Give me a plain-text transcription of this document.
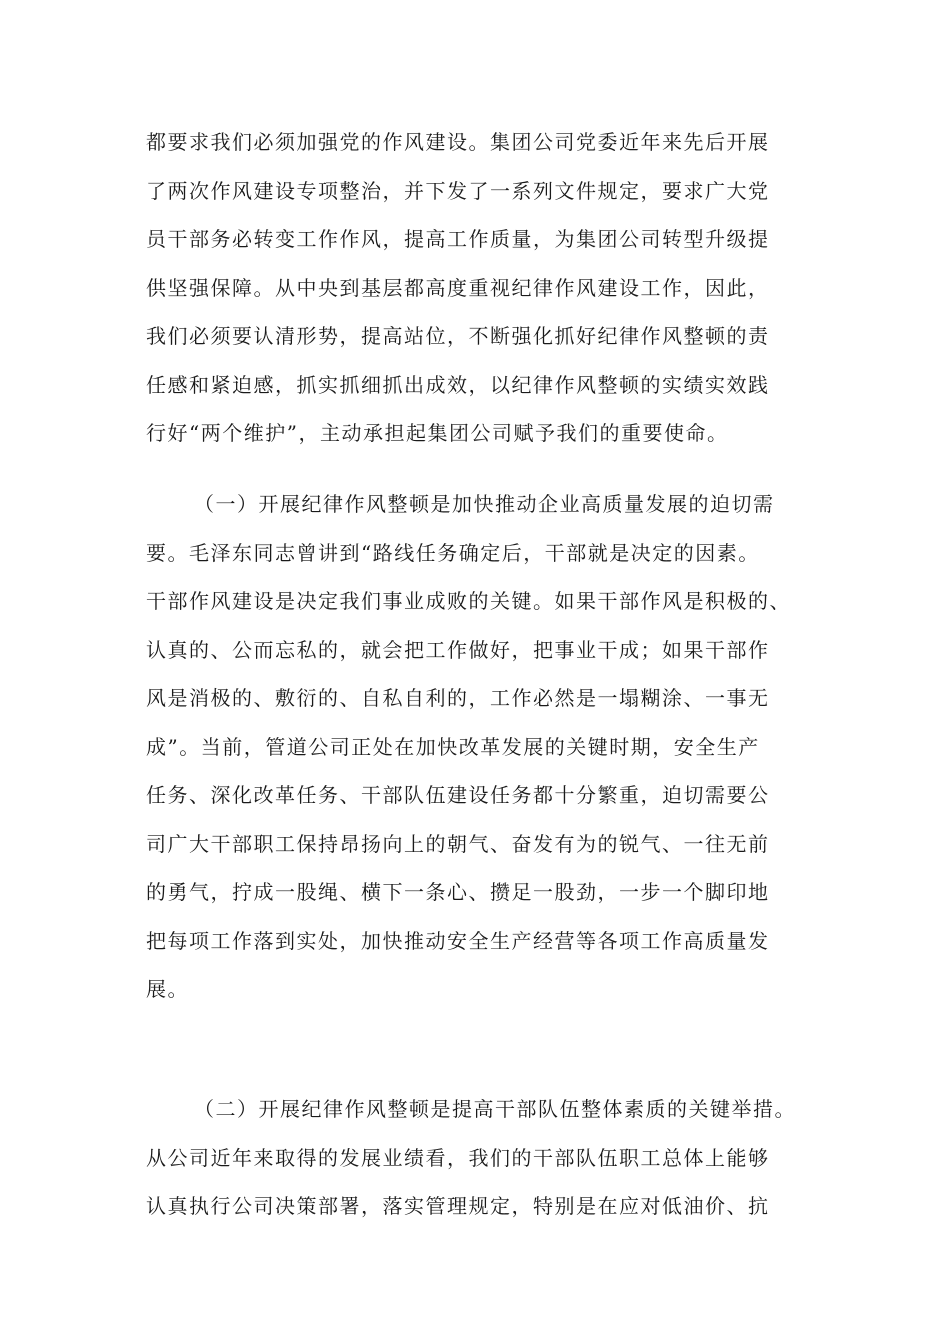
都要求我们必须加强党的作风建设。集团公司党委近年来先后开展
了两次作风建设专项整治，并下发了一系列文件规定，要求广大党
员干部务必转变工作作风，提高工作质量，为集团公司转型升级提
供坚强保障。从中央到基层都高度重视纪律作风建设工作，因此，
我们必须要认清形势，提高站位，不断强化抓好纪律作风整顿的责
任感和紧迫感，抓实抓细抓出成效，以纪律作风整顿的实绩实效践
行好“两个维护”，主动承担起集团公司赋予我们的重要使命。
（一）开展纪律作风整顿是加快推动企业高质量发展的迫切需
要。毛泽东同志曾讲到“路线任务确定后，干部就是决定的因素。
干部作风建设是决定我们事业成败的关键。如果干部作风是积极的、
认真的、公而忘私的，就会把工作做好，把事业干成；如果干部作
风是消极的、敷衍的、自私自利的，工作必然是一塌糊涂、一事无
成”。当前，管道公司正处在加快改革发展的关键时期，安全生产
任务、深化改革任务、干部队伍建设任务都十分繁重，迫切需要公
司广大干部职工保持昂扬向上的朝气、奋发有为的锐气、一往无前
的勇气，拧成一股绳、横下一条心、攒足一股劲，一步一个脚印地
把每项工作落到实处，加快推动安全生产经营等各项工作高质量发
展。
（二）开展纪律作风整顿是提高干部队伍整体素质的关键举措。
从公司近年来取得的发展业绩看，我们的干部队伍职工总体上能够
认真执行公司决策部署，落实管理规定，特别是在应对低油价、抗
